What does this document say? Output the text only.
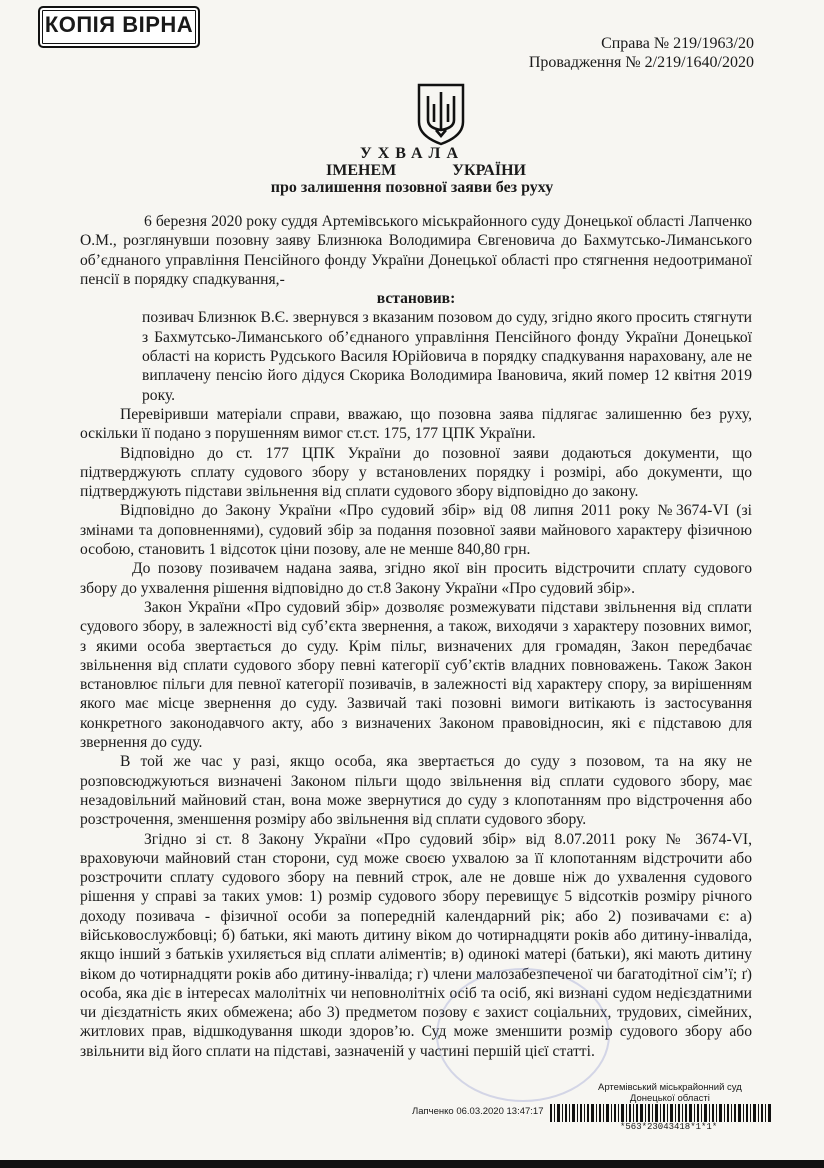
КОПІЯ ВІРНА
Справа № 219/1963/20
Провадження № 2/219/1640/2020
УХВАЛА
ІМЕНЕМ	УКРАЇНИ
про залишення позовної заяви без руху

6 березня 2020 року суддя Артемівського міськрайонного суду Донецької області Лапченко О.М., розглянувши позовну заяву Близнюка Володимира Євгеновича до Бахмутсько-Лиманського об’єднаного управління Пенсійного фонду України Донецької області про стягнення недоотриманої пенсії в порядку спадкування,-

встановив:

позивач Близнюк В.Є. звернувся з вказаним позовом до суду, згідно якого просить стягнути з Бахмутсько-Лиманського об’єднаного управління Пенсійного фонду України Донецької області на користь Рудського Василя Юрійовича в порядку спадкування нараховану, але не виплачену пенсію його дідуся Скорика Володимира Івановича, який помер 12 квітня 2019 року.

Перевіривши матеріали справи, вважаю, що позовна заява підлягає залишенню без руху, оскільки її подано з порушенням вимог ст.ст. 175, 177 ЦПК України.

Відповідно до ст. 177 ЦПК України до позовної заяви додаються документи, що підтверджують сплату судового збору у встановлених порядку і розмірі, або документи, що підтверджують підстави звільнення від сплати судового збору відповідно до закону.

Відповідно до Закону України «Про судовий збір» від 08 липня 2011 року №3674-VI (зі змінами та доповненнями), судовий збір за подання позовної заяви майнового характеру фізичною особою, становить 1 відсоток ціни позову, але не менше 840,80 грн.

До позову позивачем надана заява, згідно якої він просить відстрочити сплату судового збору до ухвалення рішення відповідно до ст.8 Закону України «Про судовий збір».

Закон України «Про судовий збір» дозволяє розмежувати підстави звільнення від сплати судового збору, в залежності від суб’єкта звернення, а також, виходячи з характеру позовних вимог, з якими особа звертається до суду. Крім пільг, визначених для громадян, Закон передбачає звільнення від сплати судового збору певні категорії суб’єктів владних повноважень. Також Закон встановлює пільги для певної категорії позивачів, в залежності від характеру спору, за вирішенням якого має місце звернення до суду. Зазвичай такі позовні вимоги витікають із застосування конкретного законодавчого акту, або з визначених Законом правовідносин, які є підставою для звернення до суду.

В той же час у разі, якщо особа, яка звертається до суду з позовом, та на яку не розповсюджуються визначені Законом пільги щодо звільнення від сплати судового збору, має незадовільний майновий стан, вона може звернутися до суду з клопотанням про відстрочення або розстрочення, зменшення розміру або звільнення від сплати судового збору.

Згідно зі ст. 8 Закону України «Про судовий збір» від 8.07.2011 року № 3674-VI, враховуючи майновий стан сторони, суд може своєю ухвалою за її клопотанням відстрочити або розстрочити сплату судового збору на певний строк, але не довше ніж до ухвалення судового рішення у справі за таких умов: 1) розмір судового збору перевищує 5 відсотків розміру річного доходу позивача - фізичної особи за попередній календарний рік; або 2) позивачами є: а) військовослужбовці; б) батьки, які мають дитину віком до чотирнадцяти років або дитину-інваліда, якщо інший з батьків ухиляється від сплати аліментів; в) одинокі матері (батьки), які мають дитину віком до чотирнадцяти років або дитину-інваліда; г) члени малозабезпеченої чи багатодітної сім’ї; ґ) особа, яка діє в інтересах малолітніх чи неповнолітніх осіб та осіб, які визнані судом недієздатними чи дієздатність яких обмежена; або 3) предметом позову є захист соціальних, трудових, сімейних, житлових прав, відшкодування шкоди здоров’ю. Суд може зменшити розмір судового збору або звільнити від його сплати на підставі, зазначеній у частині першій цієї статті.

Артемівський міськрайонний суд
Донецької області
Лапченко 06.03.2020 13:47:17
*563*23043418*1*1*
